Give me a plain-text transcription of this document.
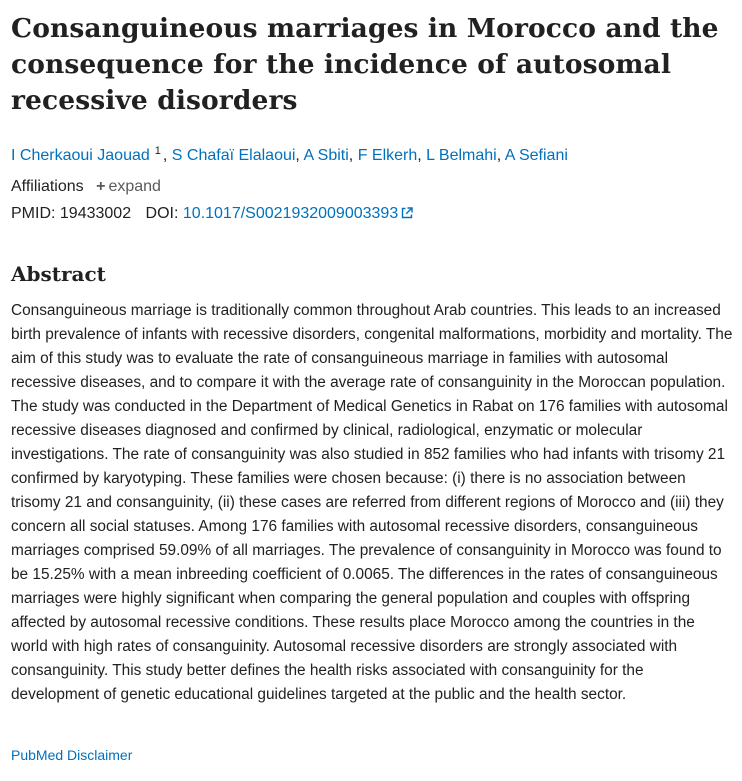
Consanguineous marriages in Morocco and the consequence for the incidence of autosomal recessive disorders
I Cherkaoui Jaouad $^1$ , S Chafaï Elalaoui, A Sbiti, F Elkerh, L Belmahi, A Sefiani
Affiliations + expand
PMID: 19433002 DOI: 10.1017/S0021932009003393
Abstract

Consanguineous marriage is traditionally common throughout Arab countries. This leads to an increased birth prevalence of infants with recessive disorders, congenital malformations, morbidity and mortality. The aim of this study was to evaluate the rate of consanguineous marriage in families with autosomal recessive diseases, and to compare it with the average rate of consanguinity in the Moroccan population. The study was conducted in the Department of Medical Genetics in Rabat on 176 families with autosomal recessive diseases diagnosed and confirmed by clinical, radiological, enzymatic or molecular investigations. The rate of consanguinity was also studied in 852 families who had infants with trisomy 21 confirmed by karyotyping. These families were chosen because: (i) there is no association between trisomy 21 and consanguinity, (ii) these cases are referred from different regions of Morocco and (iii) they concern all social statuses. Among 176 families with autosomal recessive disorders, consanguineous marriages comprised 59.09% of all marriages. The prevalence of consanguinity in Morocco was found to be 15.25% with a mean inbreeding coefficient of 0.0065. The differences in the rates of consanguineous marriages were highly significant when comparing the general population and couples with offspring affected by autosomal recessive conditions. These results place Morocco among the countries in the world with high rates of consanguinity. Autosomal recessive disorders are strongly associated with consanguinity. This study better defines the health risks associated with consanguinity for the development of genetic educational guidelines targeted at the public and the health sector.

PubMed Disclaimer
